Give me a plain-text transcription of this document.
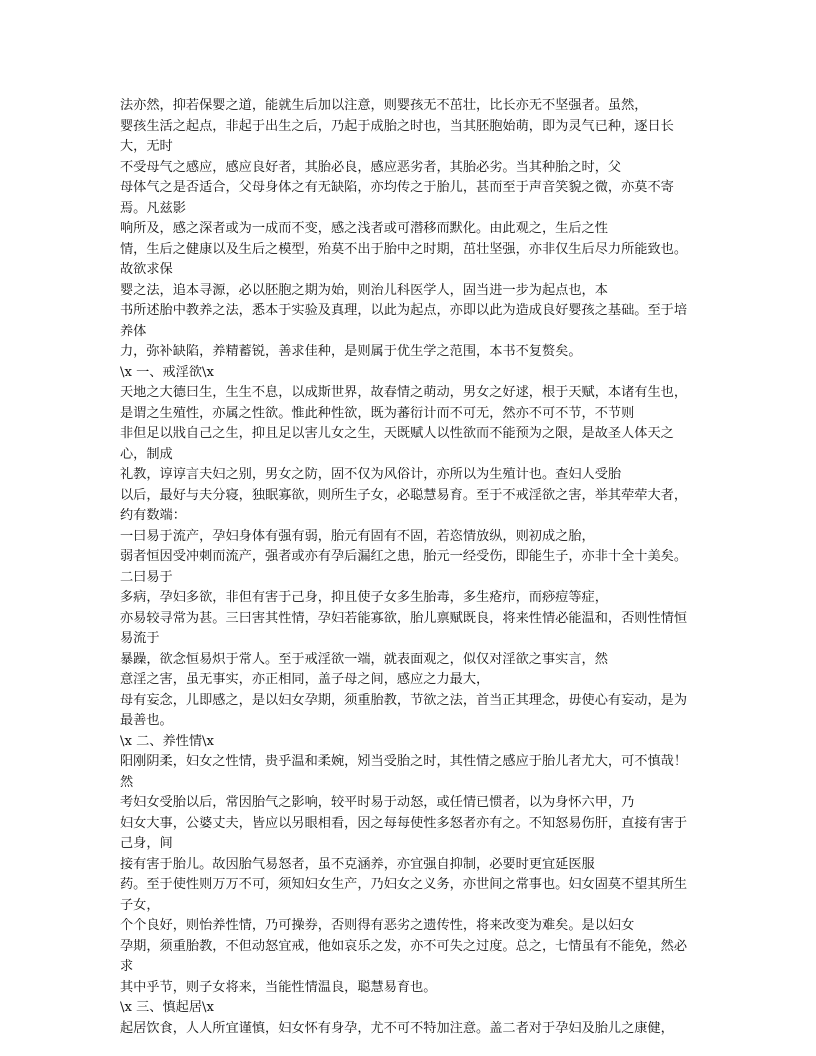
法亦然，抑若保婴之道，能就生后加以注意，则婴孩无不茁壮，比长亦无不坚强者。虽然，
婴孩生活之起点，非起于出生之后，乃起于成胎之时也，当其胚胞始萌，即为灵气已种，逐日长大，无时
不受母气之感应，感应良好者，其胎必良，感应恶劣者，其胎必劣。当其种胎之时，父
母体气之是否适合，父母身体之有无缺陷，亦均传之于胎儿，甚而至于声音笑貌之微，亦莫不寄焉。凡兹影
响所及，感之深者或为一成而不变，感之浅者或可潜移而默化。由此观之，生后之性
情，生后之健康以及生后之模型，殆莫不出于胎中之时期，茁壮坚强，亦非仅生后尽力所能致也。故欲求保
婴之法，追本寻源，必以胚胞之期为始，则治儿科医学人，固当进一步为起点也，本
书所述胎中教养之法，悉本于实验及真理，以此为起点，亦即以此为造成良好婴孩之基础。至于培养体
力，弥补缺陷，养精蓄锐，善求佳种，是则属于优生学之范围，本书不复赘矣。
\x 一、戒淫欲\x
天地之大德曰生，生生不息，以成斯世界，故春情之萌动，男女之好逑，根于天赋，本诸有生也，
是谓之生殖性，亦属之性欲。惟此种性欲，既为蕃衍计而不可无，然亦不可不节，不节则
非但足以戕自己之生，抑且足以害儿女之生，天既赋人以性欲而不能预为之限，是故圣人体天之心，制成
礼教，谆谆言夫妇之别，男女之防，固不仅为风俗计，亦所以为生殖计也。查妇人受胎
以后，最好与夫分寝，独眠寡欲，则所生子女，必聪慧易育。至于不戒淫欲之害，举其荦荦大者，约有数端：
一曰易于流产，孕妇身体有强有弱，胎元有固有不固，若恣情放纵，则初成之胎，
弱者恒因受冲刺而流产，强者或亦有孕后漏红之患，胎元一经受伤，即能生子，亦非十全十美矣。二曰易于
多病，孕妇多欲，非但有害于己身，抑且使子女多生胎毒，多生疮疖，而痧痘等症，
亦易较寻常为甚。三曰害其性情，孕妇若能寡欲，胎儿禀赋既良，将来性情必能温和，否则性情恒易流于
暴躁，欲念恒易炽于常人。至于戒淫欲一端，就表面观之，似仅对淫欲之事实言，然
意淫之害，虽无事实，亦正相同，盖子母之间，感应之力最大，
母有妄念，儿即感之，是以妇女孕期，须重胎教，节欲之法，首当正其理念，毋使心有妄动，是为最善也。
\x 二、养性情\x
阳刚阴柔，妇女之性情，贵乎温和柔婉，矧当受胎之时，其性情之感应于胎儿者尤大，可不慎哉！然
考妇女受胎以后，常因胎气之影响，较平时易于动怒，或任情已惯者，以为身怀六甲，乃
妇女大事，公婆丈夫，皆应以另眼相看，因之每每使性多怒者亦有之。不知怒易伤肝，直接有害于己身，间
接有害于胎儿。故因胎气易怒者，虽不克涵养，亦宜强自抑制，必要时更宜延医服
药。至于使性则万万不可，须知妇女生产，乃妇女之义务，亦世间之常事也。妇女固莫不望其所生子女，
个个良好，则怡养性情，乃可操券，否则得有恶劣之遗传性，将来改变为难矣。是以妇女
孕期，须重胎教，不但动怒宜戒，他如哀乐之发，亦不可失之过度。总之，七情虽有不能免，然必求
其中乎节，则子女将来，当能性情温良，聪慧易育也。
\x 三、慎起居\x
起居饮食，人人所宜谨慎，妇女怀有身孕，尤不可不特加注意。盖二者对于孕妇及胎儿之康健，
